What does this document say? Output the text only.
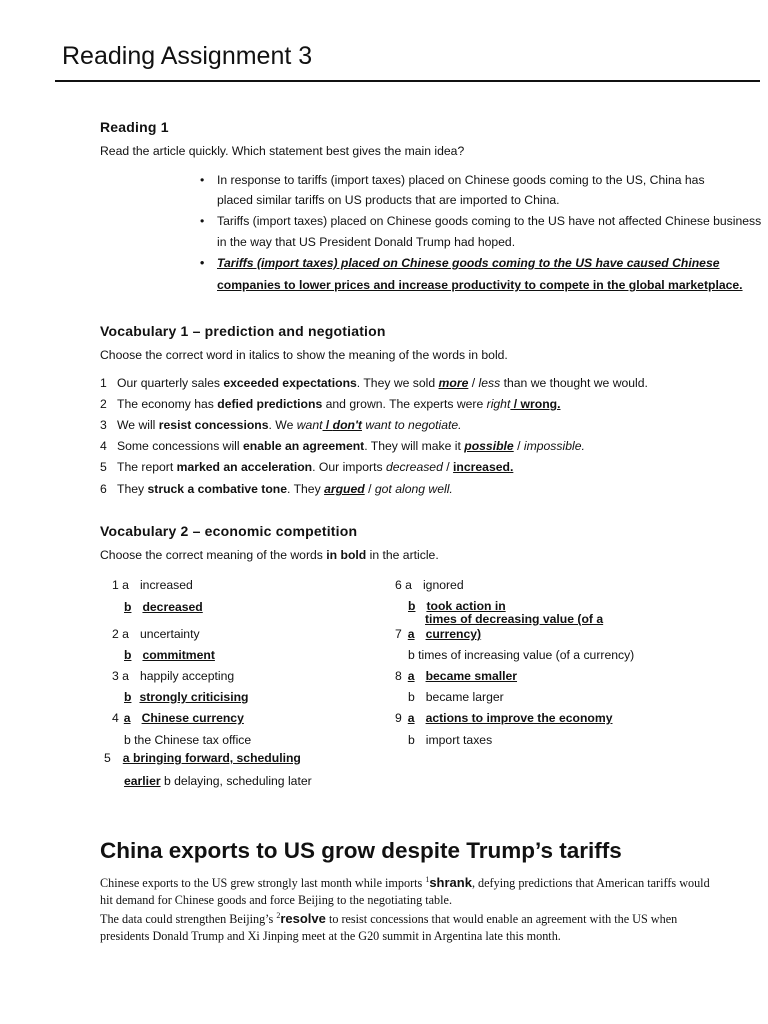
Reading Assignment 3
Reading 1
Read the article quickly. Which statement best gives the main idea?
•	In response to tariffs (import taxes) placed on Chinese goods coming to the US, China has
placed similar tariffs on US products that are imported to China.
•	Tariffs (import taxes) placed on Chinese goods coming to the US have not affected Chinese business
in the way that US President Donald Trump had hoped.
•	Tariffs (import taxes) placed on Chinese goods coming to the US have caused Chinese
companies to lower prices and increase productivity to compete in the global marketplace.
Vocabulary 1 – prediction and negotiation
Choose the correct word in italics to show the meaning of the words in bold.
1 Our quarterly sales exceeded expectations. They we sold more / less than we thought we would.
2 The economy has defied predictions and grown. The experts were right / wrong.
3 We will resist concessions. We want / don't want to negotiate.
4 Some concessions will enable an agreement. They will make it possible / impossible.
5 The report marked an acceleration. Our imports decreased / increased.
6 They struck a combative tone. They argued / got along well.
Vocabulary 2 – economic competition
Choose the correct meaning of the words in bold in the article.
1 a increased
b decreased
2 a uncertainty
b commitment
3 a happily accepting
b strongly criticising
4 a Chinese currency
b the Chinese tax office
5 a bringing forward, scheduling
earlier b delaying, scheduling later
6 a ignored
b took action in
times of decreasing value (of a
7 a currency)
b times of increasing value (of a currency)
8 a became smaller
b became larger
9 a actions to improve the economy
b import taxes
China exports to US grow despite Trump’s tariffs
Chinese exports to the US grew strongly last month while imports $^1$shrank, defying predictions that American tariffs would hit demand for Chinese goods and force Beijing to the negotiating table.
The data could strengthen Beijing’s $^2$resolve to resist concessions that would enable an agreement with the US when presidents Donald Trump and Xi Jinping meet at the G20 summit in Argentina late this month.
